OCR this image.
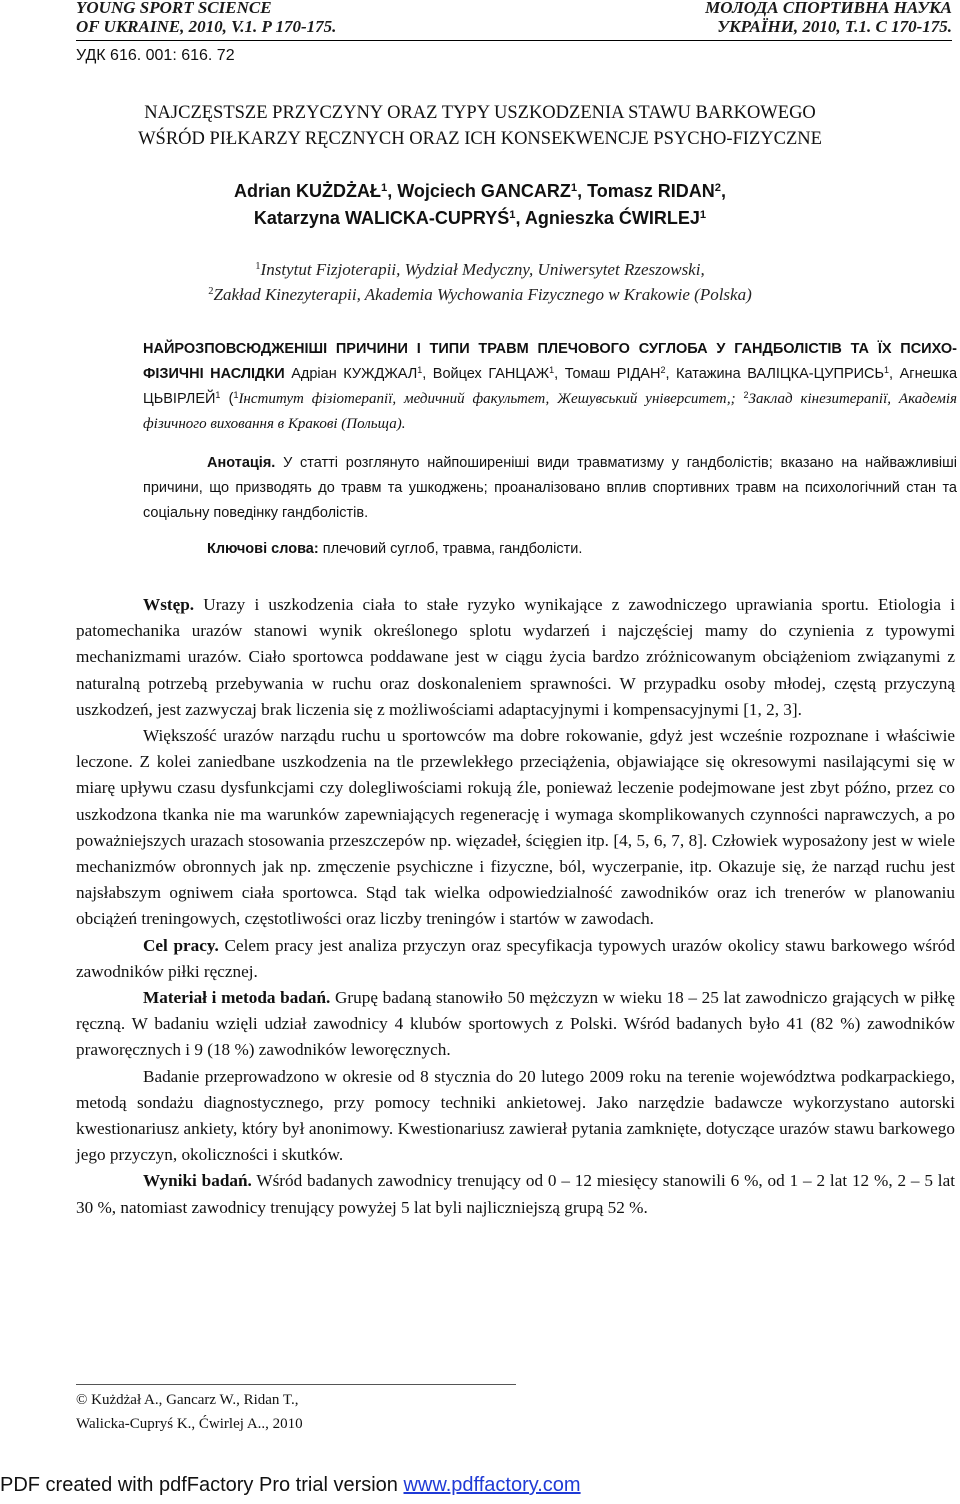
YOUNG SPORT SCIENCE
OF UKRAINE, 2010, V.1. P 170-175.
МОЛОДА СПОРТИВНА НАУКА
УКРАЇНИ, 2010, Т.1. С 170-175.
УДК 616. 001: 616. 72
NAJCZĘSTSZE PRZYCZYNY ORAZ TYPY USZKODZENIA STAWU BARKOWEGO
WŚRÓD PIŁKARZY RĘCZNYCH ORAZ ICH KONSEKWENCJE PSYCHO-FIZYCZNE
Adrian KUŻDŻAŁ$^1$, Wojciech GANCARZ$^1$, Tomasz RIDAN$^2$,
Katarzyna WALICKA-CUPRYŚ$^1$, Agnieszka ĆWIRLEJ$^1$
$^1$Instytut Fizjoterapii, Wydział Medyczny, Uniwersytet Rzeszowski,
$^2$Zakład Kinezyterapii, Akademia Wychowania Fizycznego w Krakowie (Polska)
НАЙРОЗПОВСЮДЖЕНІШІ ПРИЧИНИ І ТИПИ ТРАВМ ПЛЕЧОВОГО СУГЛОБА У ГАНДБОЛІСТІВ ТА ЇХ ПСИХО-ФІЗИЧНІ НАСЛІДКИ Адріан КУЖДЖАЛ$^1$, Войцех ГАНЦАЖ$^1$, Томаш РІДАН$^2$, Катажина ВАЛІЦКА-ЦУПРИСЬ$^1$, Агнешка ЦЬВІРЛЕЙ$^1$ ($^1$Інститут фізіотерапії, медичний факультет, Жешувський університет,; $^2$Заклад кінезитерапії, Академія фізичного виховання в Кракові (Польща).
Анотація. У статті розглянуто найпоширеніші види травматизму у гандболістів; вказано на найважливіші причини, що призводять до травм та ушкоджень; проаналізовано вплив спортивних травм на психологічний стан та соціальну поведінку гандболістів.
Ключові слова: плечовий суглоб, травма, гандболісти.

Wstęp. Urazy i uszkodzenia ciała to stałe ryzyko wynikające z zawodniczego uprawiania sportu. Etiologia i patomechanika urazów stanowi wynik określonego splotu wydarzeń i najczęściej mamy do czynienia z typowymi mechanizmami urazów. Ciało sportowca poddawane jest w ciągu życia bardzo zróżnicowanym obciążeniom związanymi z naturalną potrzebą przebywania w ruchu oraz doskonaleniem sprawności. W przypadku osoby młodej, częstą przyczyną uszkodzeń, jest zazwyczaj brak liczenia się z możliwościami adaptacyjnymi i kompensacyjnymi [1, 2, 3].

Większość urazów narządu ruchu u sportowców ma dobre rokowanie, gdyż jest wcześnie rozpoznane i właściwie leczone. Z kolei zaniedbane uszkodzenia na tle przewlekłego przeciążenia, objawiające się okresowymi nasilającymi się w miarę upływu czasu dysfunkcjami czy dolegliwościami rokują źle, ponieważ leczenie podejmowane jest zbyt późno, przez co uszkodzona tkanka nie ma warunków zapewniających regenerację i wymaga skomplikowanych czynności naprawczych, a po poważniejszych urazach stosowania przeszczepów np. więzadeł, ścięgien itp. [4, 5, 6, 7, 8]. Człowiek wyposażony jest w wiele mechanizmów obronnych jak np. zmęczenie psychiczne i fizyczne, ból, wyczerpanie, itp. Okazuje się, że narząd ruchu jest najsłabszym ogniwem ciała sportowca. Stąd tak wielka odpowiedzialność zawodników oraz ich trenerów w planowaniu obciążeń treningowych, częstotliwości oraz liczby treningów i startów w zawodach.

Cel pracy. Celem pracy jest analiza przyczyn oraz specyfikacja typowych urazów okolicy stawu barkowego wśród zawodników piłki ręcznej.

Materiał i metoda badań. Grupę badaną stanowiło 50 mężczyzn w wieku 18 – 25 lat zawodniczo grających w piłkę ręczną. W badaniu wzięli udział zawodnicy 4 klubów sportowych z Polski. Wśród badanych było 41 (82 %) zawodników praworęcznych i 9 (18 %) zawodników leworęcznych.

Badanie przeprowadzono w okresie od 8 stycznia do 20 lutego 2009 roku na terenie województwa podkarpackiego, metodą sondażu diagnostycznego, przy pomocy techniki ankietowej. Jako narzędzie badawcze wykorzystano autorski kwestionariusz ankiety, który był anonimowy. Kwestionariusz zawierał pytania zamknięte, dotyczące urazów stawu barkowego jego przyczyn, okoliczności i skutków.

Wyniki badań. Wśród badanych zawodnicy trenujący od 0 – 12 miesięcy stanowili 6 %, od 1 – 2 lat 12 %, 2 – 5 lat 30 %, natomiast zawodnicy trenujący powyżej 5 lat byli najliczniejszą grupą 52 %.

© Kużdżał A., Gancarz W., Ridan T.,
Walicka-Cupryś K., Ćwirlej A.., 2010
PDF created with pdfFactory Pro trial version www.pdffactory.com
